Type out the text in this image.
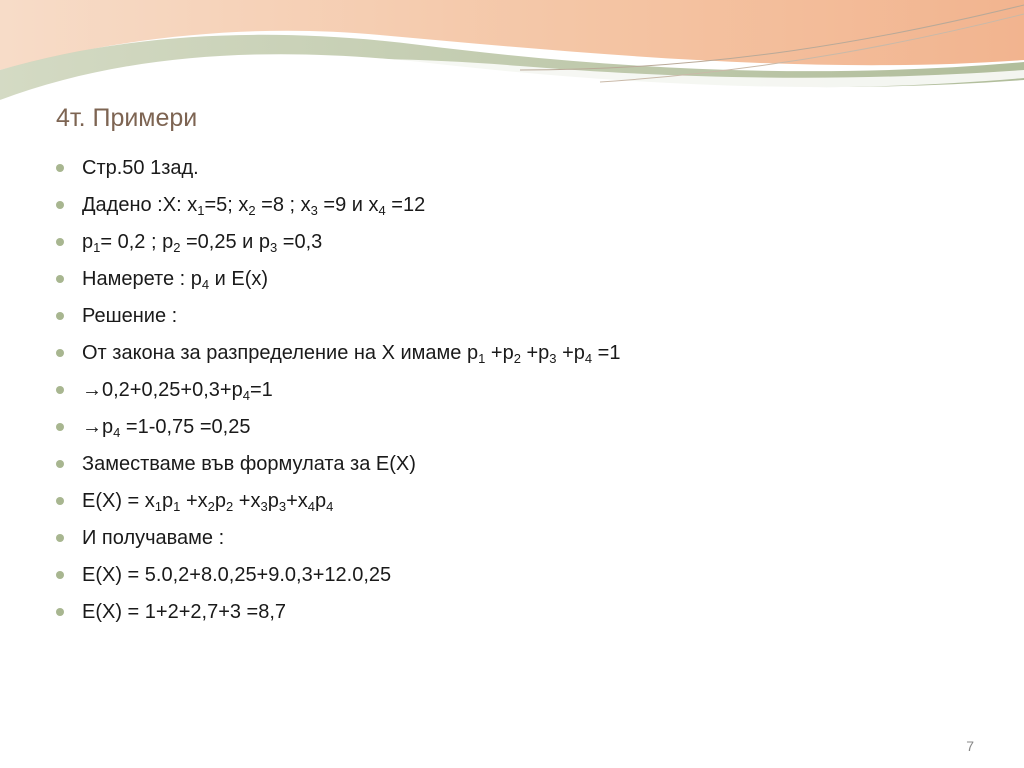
4т. Примери
Стр.50 1зад.
Дадено :Х: $х_1=5$; $х_2 =8$ ; $х_3 =9$ и $х_4 =12$
$р_1= 0,2$ ; $р_2 =0,25$ и $р_3 =0,3$
Намерете : $р_4$ и Е(х)
Решение :
От закона за разпределение на Х имаме $р_1 +р_2 +р_3 +р_4 =1$
$\to 0,2+0,25+0,3+р_4=1$
$\to р_4 =1-0,75 =0,25$
Заместваме във формулата за Е(Х)
$Е(Х) = х_1р_1 +х_2р_2 +х_3р_3+х_4р_4$
И получаваме :
Е(Х) = 5.0,2+8.0,25+9.0,3+12.0,25
Е(Х) = 1+2+2,7+3 =8,7
7
